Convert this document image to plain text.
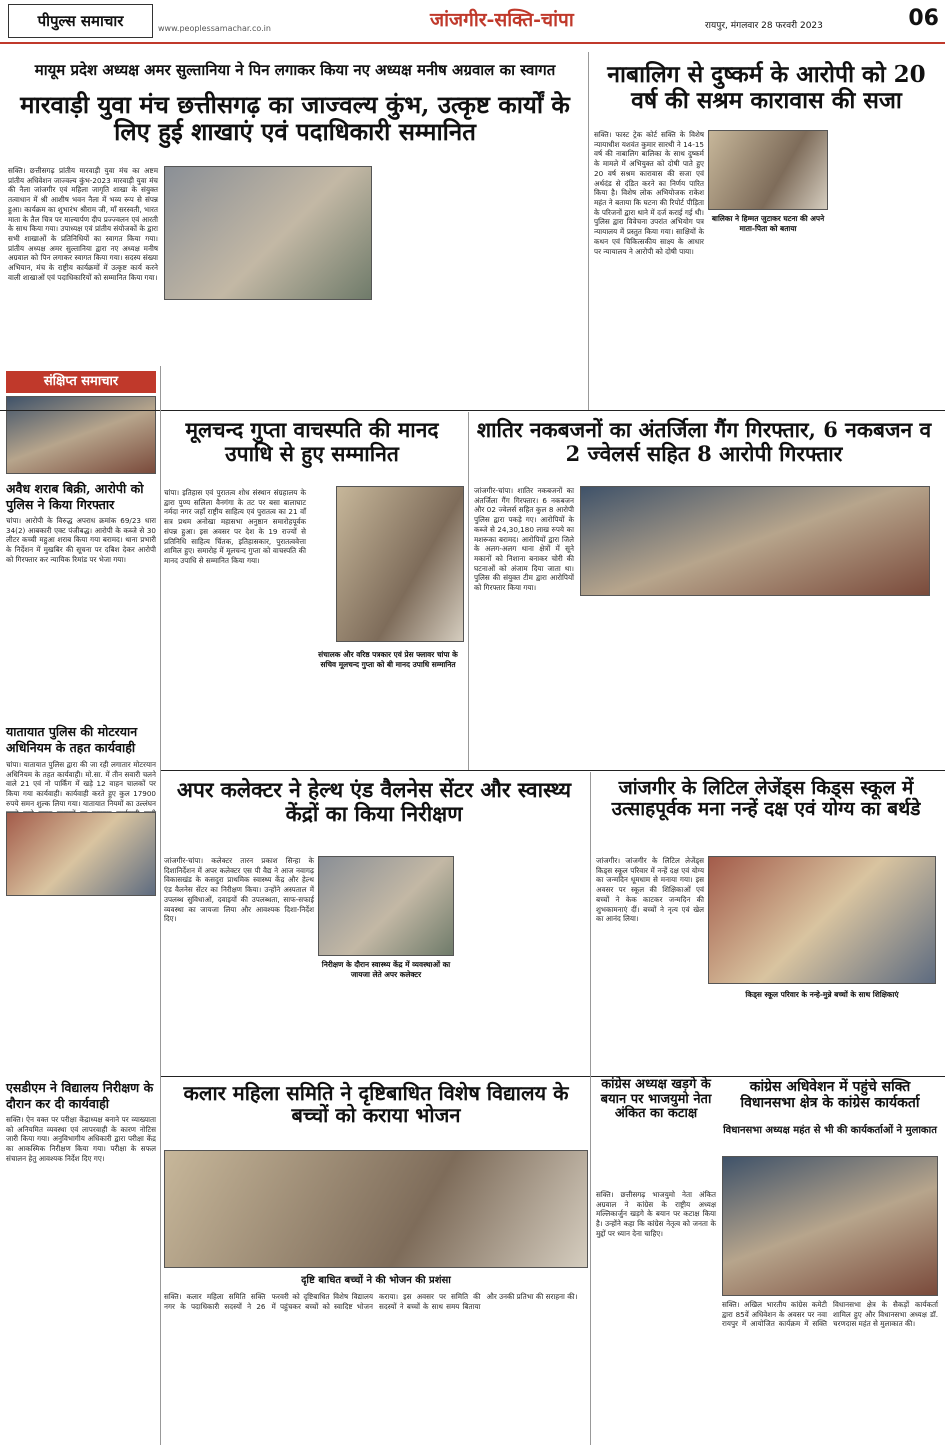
पीपुल्स समाचार	www.peoplessamachar.co.in	जांजगीर-सक्ति-चांपा	रायपुर, मंगलवार 28 फरवरी 2023	06
मायूम प्रदेश अध्यक्ष अमर सुल्तानिया ने पिन लगाकर किया नए अध्यक्ष मनीष अग्रवाल का स्वागत
मारवाड़ी युवा मंच छत्तीसगढ़ का जाज्वल्य कुंभ, उत्कृष्ट कार्यों के लिए हुई शाखाएं एवं पदाधिकारी सम्मानित
सक्ति। छत्तीसगढ़ प्रांतीय मारवाड़ी युवा मंच का अष्टम प्रांतीय अधिवेशन जाज्वल्य कुंभ-2023 मारवाड़ी युवा मंच की नैला जांजगीर एवं महिला जागृति शाखा के संयुक्त तत्वाधान में श्री आशीष भवन नैला में भव्य रूप से संपन्न हुआ। कार्यक्रम का शुभारंभ श्रीराम जी, माँ सरस्वती, भारत माता के तैल चित्र पर माल्यार्पण दीप प्रज्ज्वलन एवं आरती के साथ किया गया। उपाध्यक्ष एवं प्रांतीय संयोजकों के द्वारा सभी शाखाओं के प्रतिनिधियों का स्वागत किया गया। प्रांतीय अध्यक्ष अमर सुल्तानिया द्वारा नए अध्यक्ष मनीष अग्रवाल को पिन लगाकर स्वागत किया गया। सदस्य संख्या अभियान, मंच के राष्ट्रीय कार्यक्रमों में उत्कृष्ट कार्य करने वाली शाखाओं एवं पदाधिकारियों को सम्मानित किया गया।
नाबालिग से दुष्कर्म के आरोपी को 20 वर्ष की सश्रम कारावास की सजा
सक्ति। फास्ट ट्रेक कोर्ट सक्ति के विशेष न्यायाधीश यशवंत कुमार सारथी ने 14-15 वर्ष की नाबालिग बालिका के साथ दुष्कर्म के मामले में अभियुक्त को दोषी पाते हुए 20 वर्ष सश्रम कारावास की सजा एवं अर्थदंड से दंडित करने का निर्णय पारित किया है। विशेष लोक अभियोजक राकेश महंत ने बताया कि घटना की रिपोर्ट पीड़िता के परिजनों द्वारा थाने में दर्ज कराई गई थी। पुलिस द्वारा विवेचना उपरांत अभियोग पत्र न्यायालय में प्रस्तुत किया गया। साक्षियों के कथन एवं चिकित्सकीय साक्ष्य के आधार पर न्यायालय ने आरोपी को दोषी पाया।
बालिका ने हिम्मत जुटाकर घटना की अपने माता-पिता को बताया
संक्षिप्त समाचार
अवैध शराब बिक्री, आरोपी को पुलिस ने किया गिरफ्तार
चांपा। आरोपी के विरुद्ध अपराध क्रमांक 69/23 धारा 34(2) आबकारी एक्ट पंजीबद्ध। आरोपी के कब्जे से 30 लीटर कच्ची महुआ शराब किया गया बरामद। थाना प्रभारी के निर्देशन में मुखबिर की सूचना पर दबिश देकर आरोपी को गिरफ्तार कर न्यायिक रिमांड पर भेजा गया।
यातायात पुलिस की मोटरयान अधिनियम के तहत कार्यवाही
चांपा। यातायात पुलिस द्वारा की जा रही लगातार मोटरयान अधिनियम के तहत कार्यवाही। मो.सा. में तीन सवारी चलने वाले 21 एवं नो पार्किंग में खड़े 12 वाहन चालकों पर किया गया कार्यवाही। कार्यवाही करते हुए कुल 17900 रुपये समन शुल्क लिया गया। यातायात नियमों का उल्लंघन
एसडीएम ने विद्यालय निरीक्षण के दौरान कर दी कार्यवाही
सक्ति। ऐन वक्त पर परीक्षा केंद्राध्यक्ष बनाने पर व्याख्याता को अनियमित व्यवस्था एवं लापरवाही के कारण नोटिस जारी किया गया। अनुविभागीय अधिकारी द्वारा परीक्षा केंद्र का आकस्मिक निरीक्षण किया गया। परीक्षा के सफल संचालन हेतु आवश्यक निर्देश दिए गए।
मूलचन्द गुप्ता वाचस्पति की मानद उपाधि से हुए सम्मानित
चांपा। इतिहास एवं पुरातत्व शोध संस्थान संग्रहालय के द्वारा पुण्य सलिला वैनगंगा के तट पर बसा बालाघाट नर्मदा नगर जहाँ राष्ट्रीय साहित्य एवं पुरातत्व का 21 वाँ सत्र प्रथम अनोखा महासभा अनुष्ठान समारोहपूर्वक संपन्न हुआ। इस अवसर पर देश के 19 राज्यों से प्रतिनिधि साहित्य चिंतक, इतिहासकार, पुरातत्ववेत्ता शामिल हुए। समारोह में मूलचन्द गुप्ता को वाचस्पति की मानद उपाधि से सम्मानित किया गया।
संचालक और वरिष्ठ पत्रकार एवं प्रेस फ्लावर चांपा के सचिव मूलचन्द गुप्ता को बी मानद उपाधि सम्मानित
शातिर नकबजनों का अंतर्जिला गैंग गिरफ्तार, 6 नकबजन व 2 ज्वेलर्स सहित 8 आरोपी गिरफ्तार
जांजगीर-चांपा। शातिर नकबजनों का अंतर्जिला गैंग गिरफ्तार। 6 नकबजन और 02 ज्वेलर्स सहित कुल 8 आरोपी पुलिस द्वारा पकड़े गए। आरोपियों के कब्जे से 24,30,180 लाख रुपये का मशरूका बरामद। आरोपियों द्वारा जिले के अलग-अलग थाना क्षेत्रों में सूने मकानों को निशाना बनाकर चोरी की घटनाओं को अंजाम दिया जाता था। पुलिस की संयुक्त टीम द्वारा आरोपियों को गिरफ्तार किया गया।
अपर कलेक्टर ने हेल्थ एंड वैलनेस सेंटर और स्वास्थ्य केंद्रों का किया निरीक्षण
जांजगीर-चांपा। कलेक्टर तारन प्रकाश सिन्हा के दिशानिर्देशन में अपर कलेक्टर एस पी वैद्य ने आज नवागढ़ विकासखंड के कसदुरा प्राथमिक स्वास्थ्य केंद्र और हेल्थ एंड वैलनेस सेंटर का निरीक्षण किया। उन्होंने अस्पताल में उपलब्ध सुविधाओं, दवाइयों की उपलब्धता, साफ-सफाई व्यवस्था का जायजा लिया और आवश्यक दिशा-निर्देश दिए।
निरीक्षण के दौरान स्वास्थ्य केंद्र में व्यवस्थाओं का जायजा लेते अपर कलेक्टर
जांजगीर के लिटिल लेजेंड्स किड्स स्कूल में उत्साहपूर्वक मना नन्हें दक्ष एवं योग्य का बर्थडे
जांजगीर। जांजगीर के लिटिल लेजेंड्स किड्स स्कूल परिवार में नन्हें दक्ष एवं योग्य का जन्मदिन धूमधाम से मनाया गया। इस अवसर पर स्कूल की शिक्षिकाओं एवं बच्चों ने केक काटकर जन्मदिन की शुभकामनाएं दीं। बच्चों ने नृत्य एवं खेल का आनंद लिया।
किड्स स्कूल परिवार के नन्हे-मुन्ने बच्चों के साथ शिक्षिकाएं
कलार महिला समिति ने दृष्टिबाधित विशेष विद्यालय के बच्चों को कराया भोजन
दृष्टि बाधित बच्चों ने की भोजन की प्रशंसा
सक्ति। कलार महिला समिति सक्ति नगर के पदाधिकारी सदस्यों ने 26 फरवरी को दृष्टिबाधित विशेष विद्यालय में पहुंचकर बच्चों को स्वादिष्ट भोजन कराया। इस अवसर पर समिति की सदस्यों ने बच्चों के साथ समय बिताया और उनकी प्रतिभा की सराहना की।
कांग्रेस अध्यक्ष खड़गे के बयान पर भाजयुमो नेता अंकित का कटाक्ष
सक्ति। छत्तीसगढ़ भाजयुमो नेता अंकित अग्रवाल ने कांग्रेस के राष्ट्रीय अध्यक्ष मल्लिकार्जुन खड़गे के बयान पर कटाक्ष किया है। उन्होंने कहा कि कांग्रेस नेतृत्व को जनता के मुद्दों पर ध्यान देना चाहिए।
कांग्रेस अधिवेशन में पहुंचे सक्ति विधानसभा क्षेत्र के कांग्रेस कार्यकर्ता
विधानसभा अध्यक्ष महंत से भी की कार्यकर्ताओं ने मुलाकात
सक्ति। अखिल भारतीय कांग्रेस कमेटी द्वारा 85वें अधिवेशन के अवसर पर नवा रायपुर में आयोजित कार्यक्रम में सक्ति विधानसभा क्षेत्र के सैकड़ों कार्यकर्ता शामिल हुए और विधानसभा अध्यक्ष डॉ. चरणदास महंत से मुलाकात की।
